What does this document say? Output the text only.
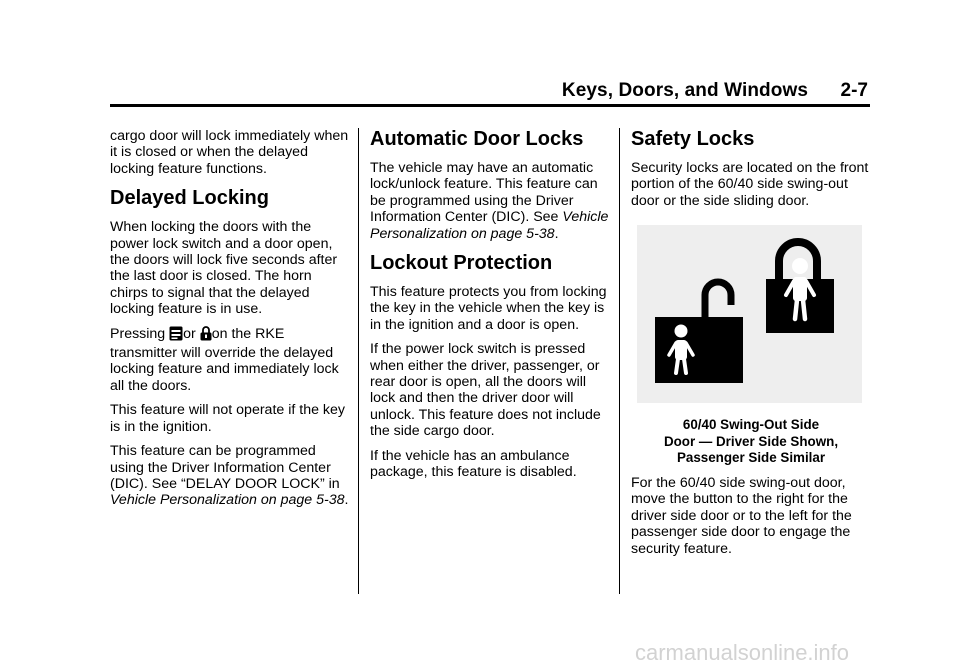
Keys, Doors, and Windows	2-7

cargo door will lock immediately when it is closed or when the delayed locking feature functions.

Delayed Locking

When locking the doors with the power lock switch and a door open, the doors will lock five seconds after the last door is closed. The horn chirps to signal that the delayed locking feature is in use.

Pressing or on the RKE transmitter will override the delayed locking feature and immediately lock all the doors.

This feature will not operate if the key is in the ignition.

This feature can be programmed using the Driver Information Center (DIC). See “DELAY DOOR LOCK” in Vehicle Personalization on page 5-38.

Automatic Door Locks

The vehicle may have an automatic lock/unlock feature. This feature can be programmed using the Driver Information Center (DIC). See Vehicle Personalization on page 5-38.

Lockout Protection

This feature protects you from locking the key in the vehicle when the key is in the ignition and a door is open.

If the power lock switch is pressed when either the driver, passenger, or rear door is open, all the doors will lock and then the driver door will unlock. This feature does not include the side cargo door.

If the vehicle has an ambulance package, this feature is disabled.

Safety Locks

Security locks are located on the front portion of the 60/40 side swing-out door or the side sliding door.

60/40 Swing-Out Side
Door — Driver Side Shown,
Passenger Side Similar

For the 60/40 side swing-out door, move the button to the right for the driver side door or to the left for the passenger side door to engage the security feature.

carmanualsonline.info
